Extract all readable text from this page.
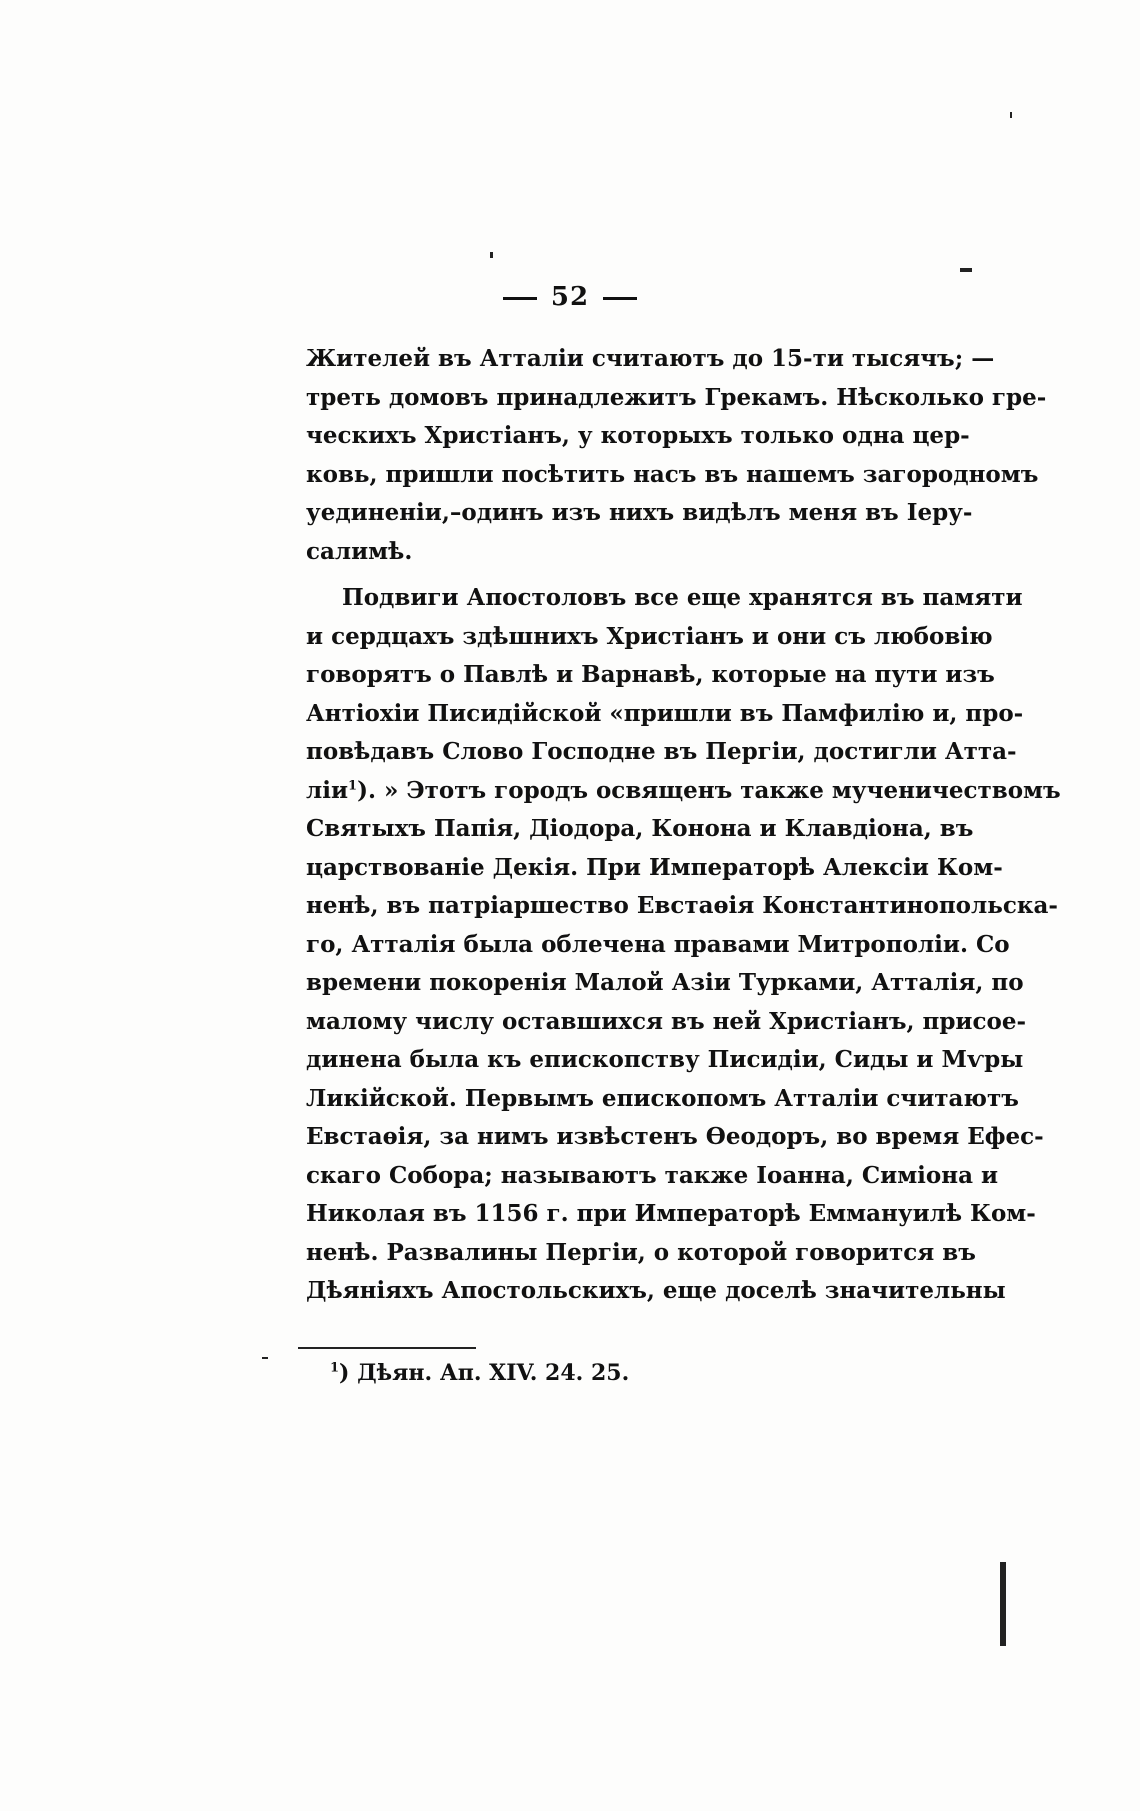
52
Жителей въ Атталіи считаютъ до 15-ти тысячъ; —
треть домовъ принадлежитъ Грекамъ. Нѣсколько гре-
ческихъ Христіанъ, у которыхъ только одна цер-
ковь, пришли посѣтить насъ въ нашемъ загородномъ
уединеніи,–одинъ изъ нихъ видѣлъ меня въ Іеру-
салимѣ.
Подвиги Апостоловъ все еще хранятся въ памяти
и сердцахъ здѣшнихъ Христіанъ и они съ любовію
говорятъ о Павлѣ и Варнавѣ, которые на пути изъ
Антіохіи Писидійской «пришли въ Памфилію и, про-
повѣдавъ Слово Господне въ Пергіи, достигли Атта-
ліи$^1$). » Этотъ городъ освященъ также мученичествомъ
Святыхъ Папія, Діодора, Конона и Клавдіона, въ
царствованіе Декія. При Императорѣ Алексіи Ком-
ненѣ, въ патріаршество Евстаѳія Константинопольска-
го, Атталія была облечена правами Митрополіи. Со
времени покоренія Малой Азіи Турками, Атталія, по
малому числу оставшихся въ ней Христіанъ, присое-
динена была къ епископству Писидіи, Сиды и Мѵры
Ликійской. Первымъ епископомъ Атталіи считаютъ
Евстаѳія, за нимъ извѣстенъ Ѳеодоръ, во время Ефес-
скаго Собора; называютъ также Іоанна, Симіона и
Николая въ 1156 г. при Императорѣ Еммануилѣ Ком-
ненѣ. Развалины Пергіи, о которой говорится въ
Дѣяніяхъ Апостольскихъ, еще доселѣ значительны
$^1$) Дѣян. Ап. XIV. 24. 25.
